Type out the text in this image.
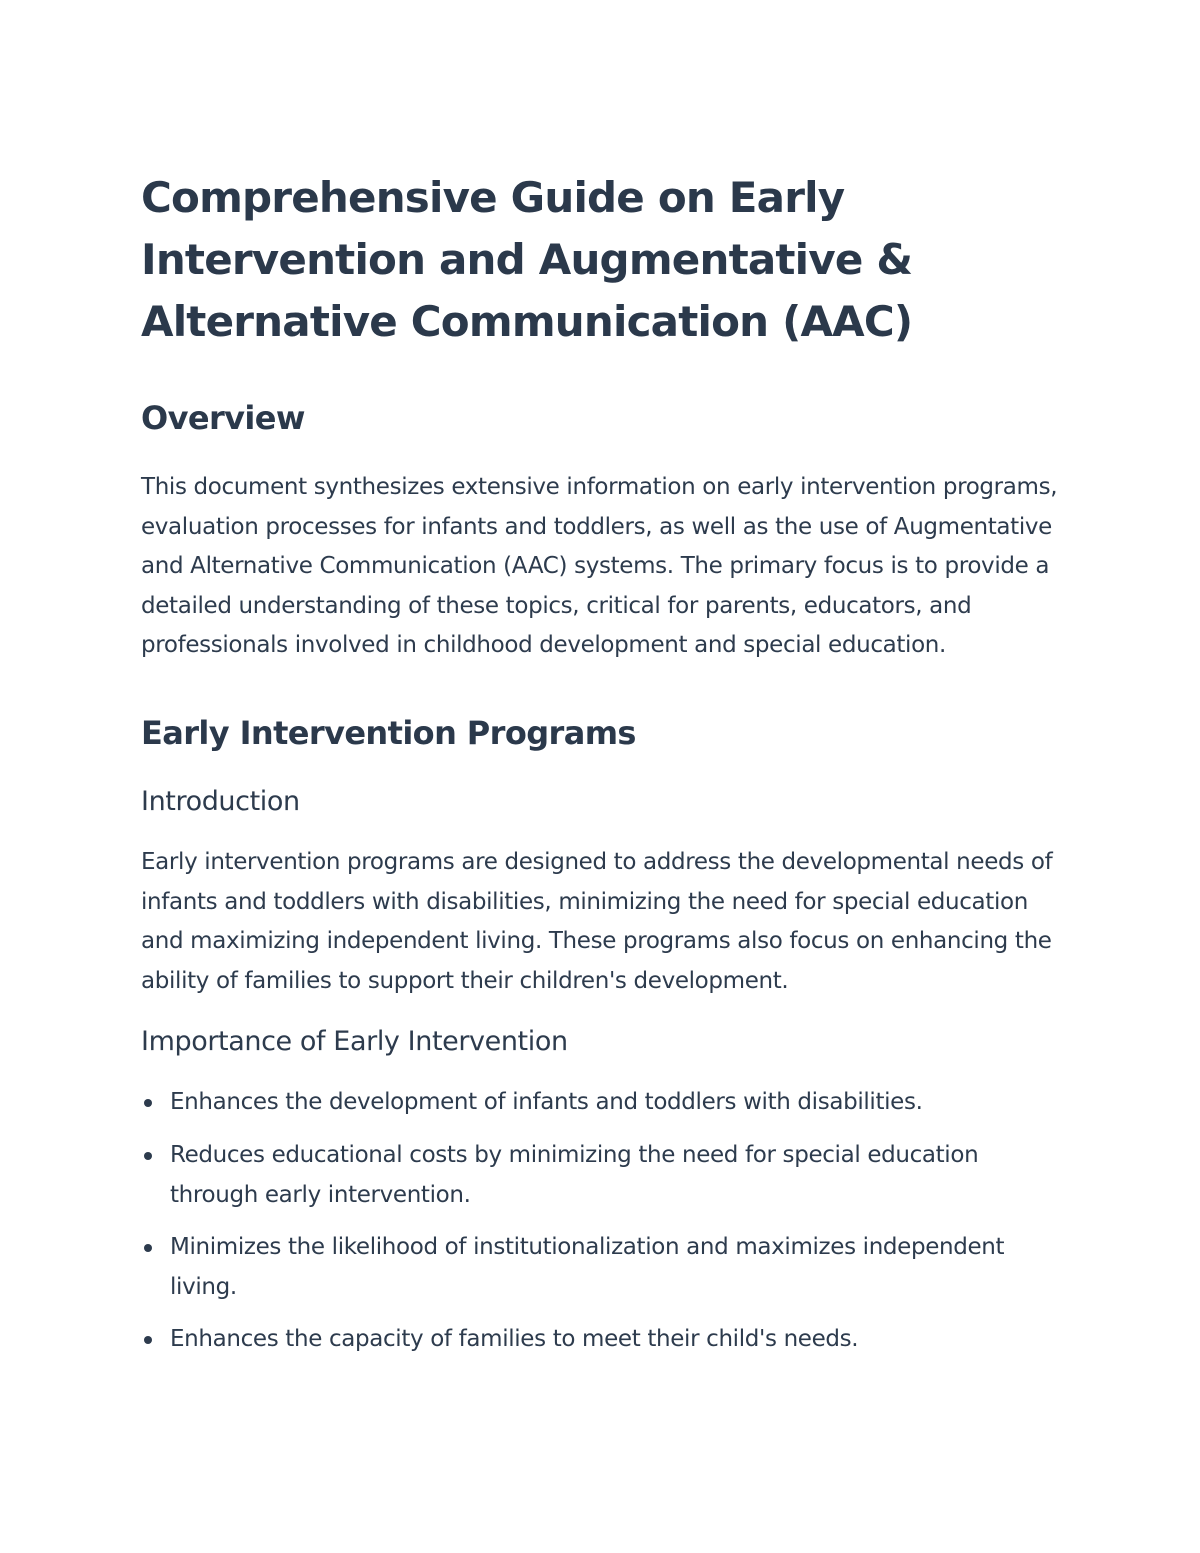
Comprehensive Guide on Early Intervention and Augmentative & Alternative Communication (AAC)
Overview

This document synthesizes extensive information on early intervention programs, evaluation processes for infants and toddlers, as well as the use of Augmentative and Alternative Communication (AAC) systems. The primary focus is to provide a detailed understanding of these topics, critical for parents, educators, and professionals involved in childhood development and special education.

Early Intervention Programs
Introduction

Early intervention programs are designed to address the developmental needs of infants and toddlers with disabilities, minimizing the need for special education and maximizing independent living. These programs also focus on enhancing the ability of families to support their children's development.

Importance of Early Intervention
Enhances the development of infants and toddlers with disabilities.
Reduces educational costs by minimizing the need for special education through early intervention.
Minimizes the likelihood of institutionalization and maximizes independent living.
Enhances the capacity of families to meet their child's needs.
